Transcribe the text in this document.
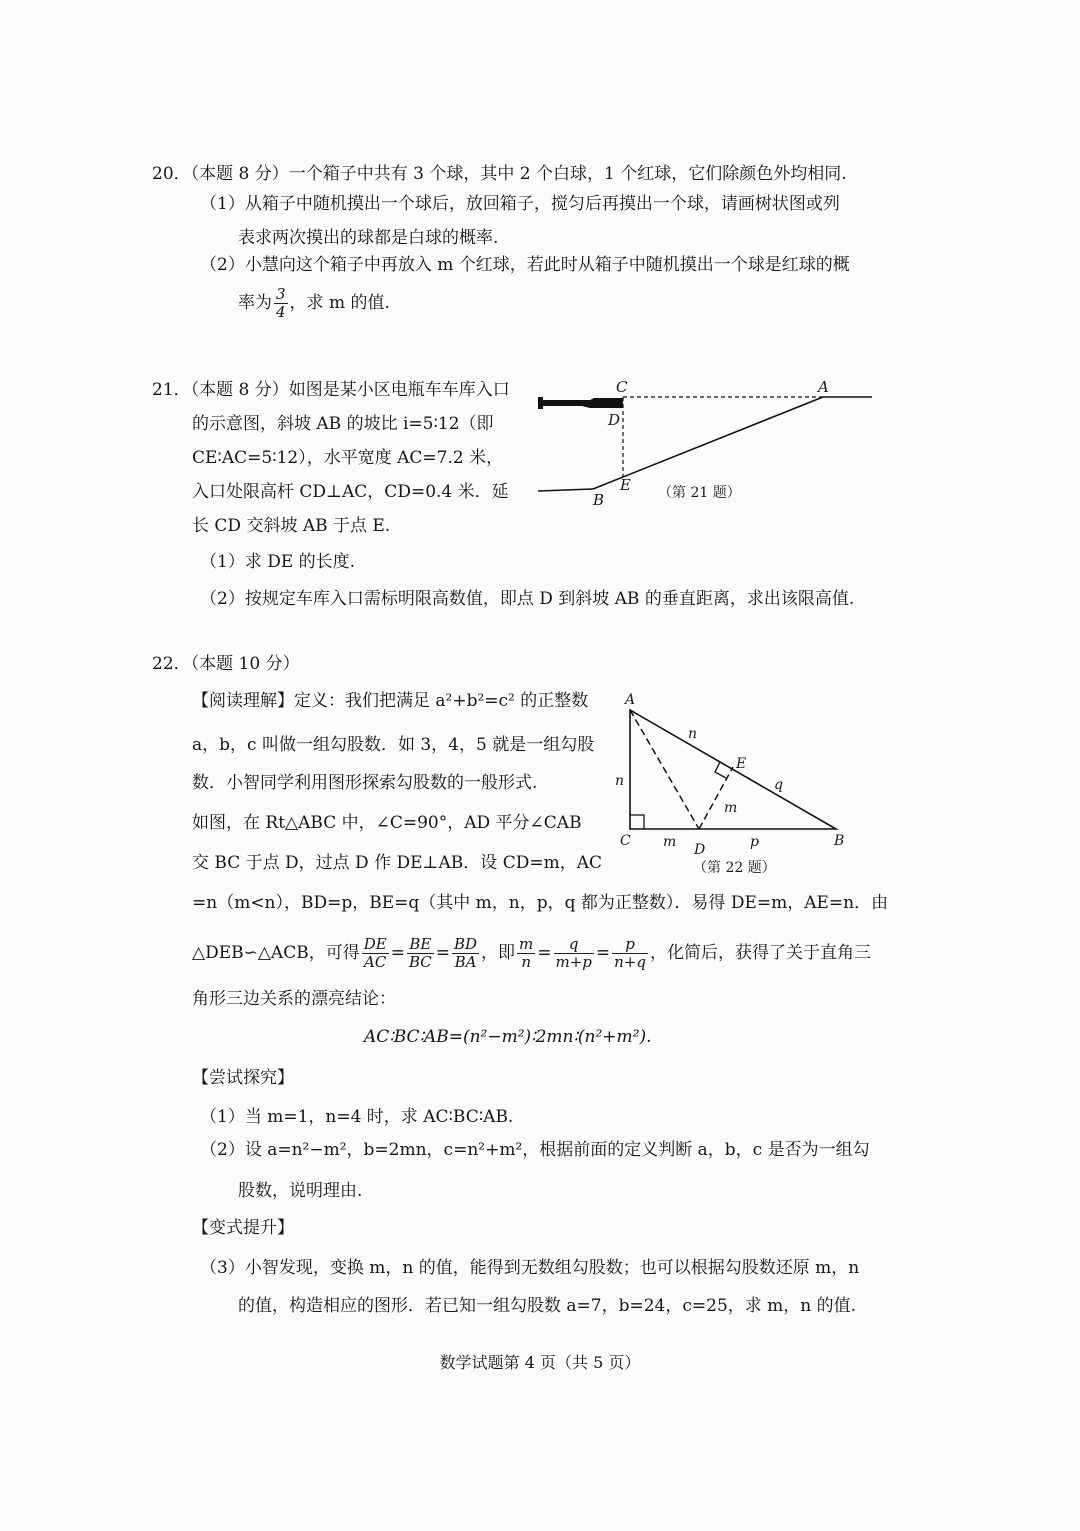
20．（本题 8 分）一个箱子中共有 3 个球，其中 2 个白球，1 个红球，它们除颜色外均相同.
（1）从箱子中随机摸出一个球后，放回箱子，搅匀后再摸出一个球，请画树状图或列
表求两次摸出的球都是白球的概率.
（2）小慧向这个箱子中再放入 m 个红球，若此时从箱子中随机摸出一个球是红球的概
率为 $\frac{3}{4}$ ，求 m 的值.
21．（本题 8 分）如图是某小区电瓶车车库入口
的示意图，斜坡 AB 的坡比 i=5∶12（即
CE∶AC=5∶12），水平宽度 AC=7.2 米，
入口处限高杆 CD⊥AC，CD=0.4 米．延
长 CD 交斜坡 AB 于点 E.
（1）求 DE 的长度.
（2）按规定车库入口需标明限高数值，即点 D 到斜坡 AB 的垂直距离，求出该限高值.
C	A
D
E
B	（第 21 题）
22．（本题 10 分）
【阅读理解】定义：我们把满足 a²+b²=c² 的正整数
a，b，c 叫做一组勾股数．如 3，4，5 就是一组勾股
数．小智同学利用图形探索勾股数的一般形式.
如图，在 Rt△ABC 中，∠C=90°，AD 平分∠CAB
交 BC 于点 D，过点 D 作 DE⊥AB．设 CD=m，AC
=n（m<n），BD=p，BE=q（其中 m，n，p，q 都为正整数）．易得 DE=m，AE=n．由
△DEB∽△ACB，可得 $\frac{DE}{AC} = \frac{BE}{BC} = \frac{BD}{BA}$ ，即 $\frac{m}{n} = \frac{q}{m+p} = \frac{p}{n+q}$ ，化简后，获得了关于直角三
角形三边关系的漂亮结论：
AC∶BC∶AB=(n²−m²)∶2mn∶(n²+m²).
【尝试探究】
（1）当 m=1，n=4 时，求 AC∶BC∶AB.
（2）设 a=n²−m²，b=2mn，c=n²+m²，根据前面的定义判断 a，b，c 是否为一组勾
股数，说明理由.
【变式提升】
（3）小智发现，变换 m，n 的值，能得到无数组勾股数；也可以根据勾股数还原 m，n
的值，构造相应的图形．若已知一组勾股数 a=7，b=24，c=25，求 m，n 的值.
A
C
D
B
E
n
n
q
m
m	p
（第 22 题）
数学试题第 4 页（共 5 页）
